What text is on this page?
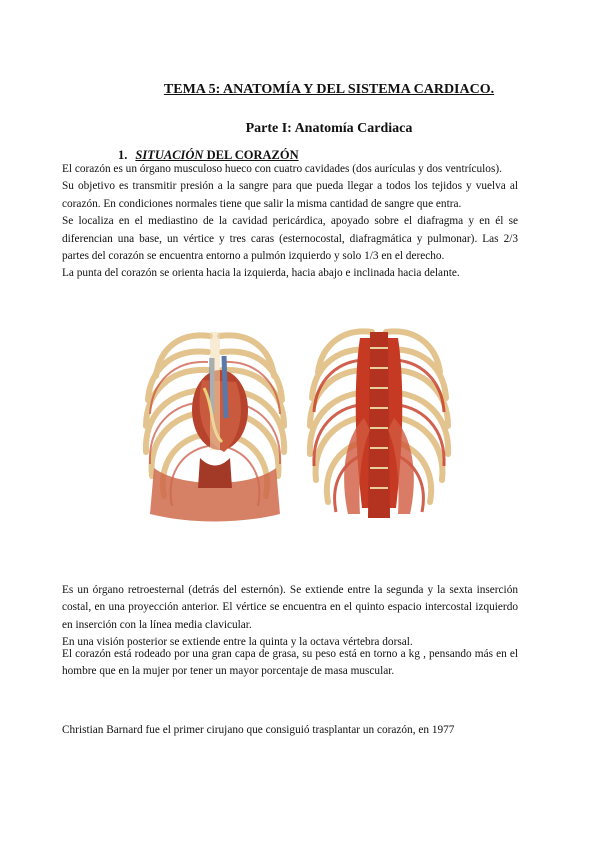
TEMA 5: ANATOMÍA Y DEL SISTEMA CARDIACO.
Parte I: Anatomía Cardiaca
1. SITUACIÓN DEL CORAZÓN
El corazón es un órgano musculoso hueco con cuatro cavidades (dos aurículas y dos ventrículos).
Su objetivo es transmitir presión a la sangre para que pueda llegar a todos los tejidos y vuelva al corazón. En condiciones normales tiene que salir la misma cantidad de sangre que entra.
Se localiza en el mediastino de la cavidad pericárdica, apoyado sobre el diafragma y en él se diferencian una base, un vértice y tres caras (esternocostal, diafragmática y pulmonar). Las 2/3 partes del corazón se encuentra entorno a pulmón izquierdo y solo 1/3 en el derecho.
La punta del corazón se orienta hacia la izquierda, hacia abajo e inclinada hacia delante.
Es un órgano retroesternal (detrás del esternón). Se extiende entre la segunda y la sexta inserción costal, en una proyección anterior. El vértice se encuentra en el quinto espacio intercostal izquierdo en inserción con la línea media clavicular.
En una visión posterior se extiende entre la quinta y la octava vértebra dorsal.
El corazón está rodeado por una gran capa de grasa, su peso está en torno a kg , pensando más en el hombre que en la mujer por tener un mayor porcentaje de masa muscular.
Christian Barnard fue el primer cirujano que consiguió trasplantar un corazón, en 1977
